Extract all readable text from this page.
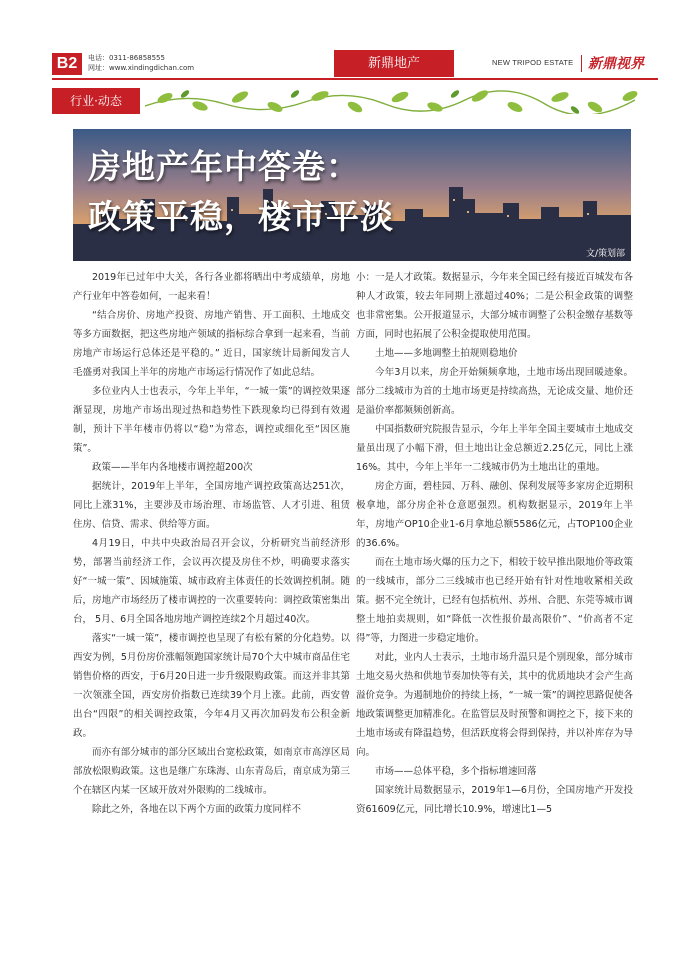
B2	电话：0311-86858555
网址：www.xindingdichan.com	新鼎地产	NEW TRIPOD ESTATE 新鼎视界
行业·动态
房地产年中答卷：
政策平稳，楼市平淡
文/策划部

2019年已过年中大关，各行各业都将晒出中考成绩单，房地产行业年中答卷如何，一起来看！

“结合房价、房地产投资、房地产销售、开工面积、土地成交等多方面数据，把这些房地产领域的指标综合拿到一起来看，当前房地产市场运行总体还是平稳的。” 近日，国家统计局新闻发言人毛盛勇对我国上半年的房地产市场运行情况作了如此总结。

多位业内人士也表示，今年上半年，“一城一策”的调控效果逐渐显现，房地产市场出现过热和趋势性下跌现象均已得到有效遏制，预计下半年楼市仍将以“稳”为常态，调控或细化至“因区施策”。

政策——半年内各地楼市调控超200次

据统计，2019年上半年，全国房地产调控政策高达251次，同比上涨31%，主要涉及市场治理、市场监管、人才引进、租赁住房、信贷、需求、供给等方面。

4月19日，中共中央政治局召开会议，分析研究当前经济形势，部署当前经济工作，会议再次提及房住不炒，明确要求落实好“一城一策”、因城施策、城市政府主体责任的长效调控机制。随后，房地产市场经历了楼市调控的一次重要转向：调控政策密集出台， 5月、6月全国各地房地产调控连续2个月超过40次。

落实“一城一策”，楼市调控也呈现了有松有紧的分化趋势。以西安为例，5月份房价涨幅领跑国家统计局70个大中城市商品住宅销售价格的西安，于6月20日进一步升级限购政策。而这并非其第一次领涨全国，西安房价指数已连续39个月上涨。此前，西安曾出台“四限”的相关调控政策，今年4月又再次加码发布公积金新政。

而亦有部分城市的部分区域出台宽松政策，如南京市高淳区局部放松限购政策。这也是继广东珠海、山东青岛后，南京成为第三个在辖区内某一区域开放对外限购的二线城市。

除此之外，各地在以下两个方面的政策力度同样不

小：一是人才政策。数据显示，今年来全国已经有接近百城发布各种人才政策，较去年同期上涨超过40%；二是公积金政策的调整也非常密集。公开报道显示，大部分城市调整了公积金缴存基数等方面，同时也拓展了公积金提取使用范围。

土地——多地调整土拍规则稳地价

今年3月以来，房企开始频频拿地，土地市场出现回暖迹象。部分二线城市为首的土地市场更是持续高热，无论成交量、地价还是溢价率都频频创新高。

中国指数研究院报告显示，今年上半年全国主要城市土地成交量虽出现了小幅下滑，但土地出让金总额近2.25亿元，同比上涨16%。其中，今年上半年一二线城市仍为土地出让的重地。

房企方面，碧桂园、万科、融创、保利发展等多家房企近期积极拿地，部分房企补仓意愿强烈。机构数据显示，2019年上半年，房地产OP10企业1-6月拿地总额5586亿元，占TOP100企业的36.6%。

而在土地市场火爆的压力之下，相较于较早推出限地价等政策的一线城市，部分二三线城市也已经开始有针对性地收紧相关政策。据不完全统计，已经有包括杭州、苏州、合肥、东莞等城市调整土地拍卖规则，如“降低一次性报价最高限价”、“价高者不定得”等，力图进一步稳定地价。

对此，业内人士表示，土地市场升温只是个别现象，部分城市土地交易火热和供地节奏加快等有关，其中的优质地块才会产生高溢价竞争。为遏制地价的持续上扬，“一城一策”的调控思路促使各地政策调整更加精准化。在监管层及时预警和调控之下，接下来的土地市场或有降温趋势，但活跃度将会得到保持，并以补库存为导向。

市场——总体平稳，多个指标增速回落

国家统计局数据显示，2019年1—6月份，全国房地产开发投资61609亿元，同比增长10.9%，增速比1—5
